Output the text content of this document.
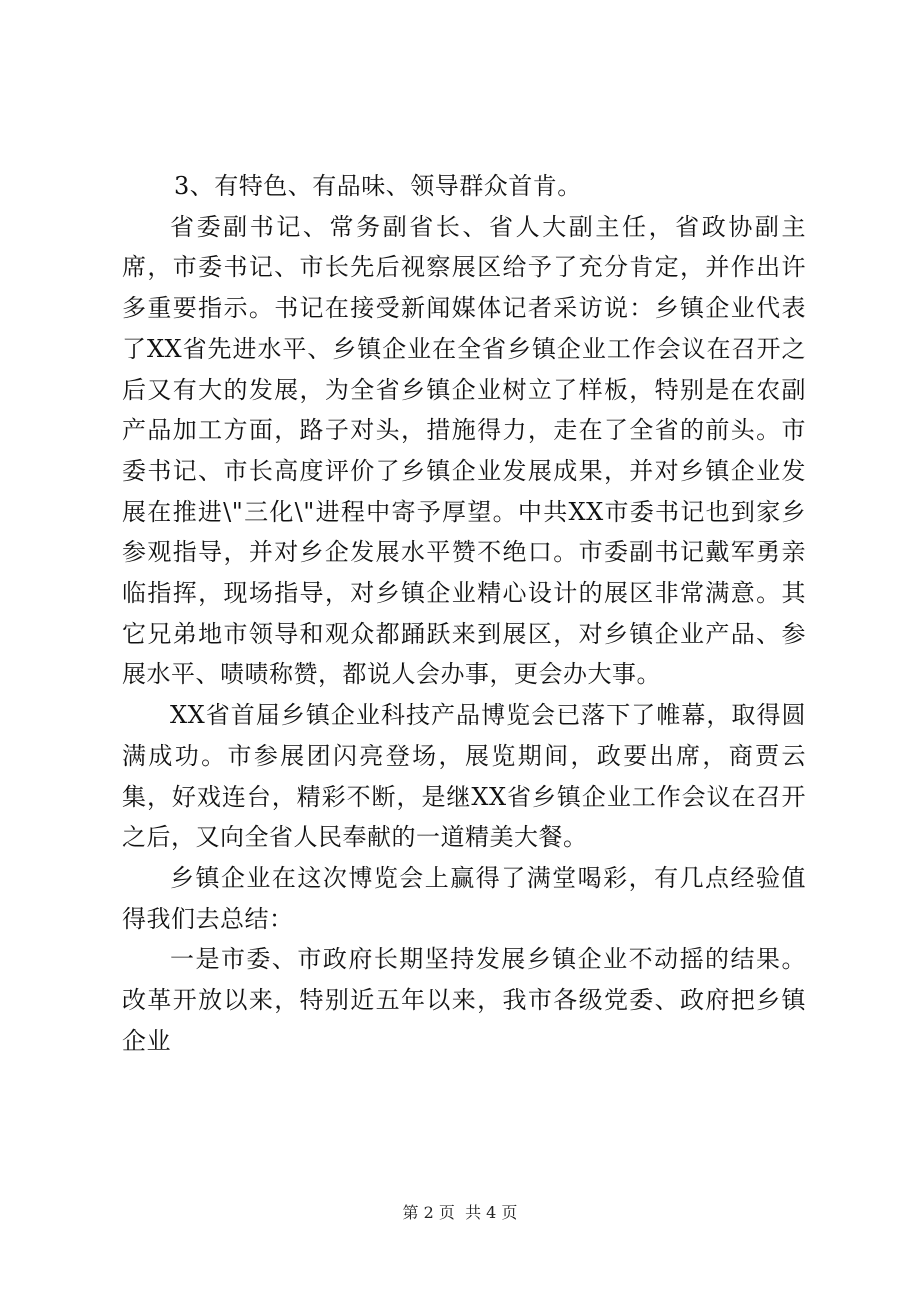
3、有特色、有品味、领导群众首肯。

省委副书记、常务副省长、省人大副主任，省政协副主席，市委书记、市长先后视察展区给予了充分肯定，并作出许多重要指示。书记在接受新闻媒体记者采访说：乡镇企业代表了XX省先进水平、乡镇企业在全省乡镇企业工作会议在召开之后又有大的发展，为全省乡镇企业树立了样板，特别是在农副产品加工方面，路子对头，措施得力，走在了全省的前头。市委书记、市长高度评价了乡镇企业发展成果，并对乡镇企业发展在推进\"三化\"进程中寄予厚望。中共XX市委书记也到家乡参观指导，并对乡企发展水平赞不绝口。市委副书记戴军勇亲临指挥，现场指导，对乡镇企业精心设计的展区非常满意。其它兄弟地市领导和观众都踊跃来到展区，对乡镇企业产品、参展水平、啧啧称赞，都说人会办事，更会办大事。

XX省首届乡镇企业科技产品博览会已落下了帷幕，取得圆满成功。市参展团闪亮登场，展览期间，政要出席，商贾云集，好戏连台，精彩不断，是继XX省乡镇企业工作会议在召开之后，又向全省人民奉献的一道精美大餐。

乡镇企业在这次博览会上赢得了满堂喝彩，有几点经验值得我们去总结：

一是市委、市政府长期坚持发展乡镇企业不动摇的结果。改革开放以来，特别近五年以来，我市各级党委、政府把乡镇企业

第 2 页  共 4 页
